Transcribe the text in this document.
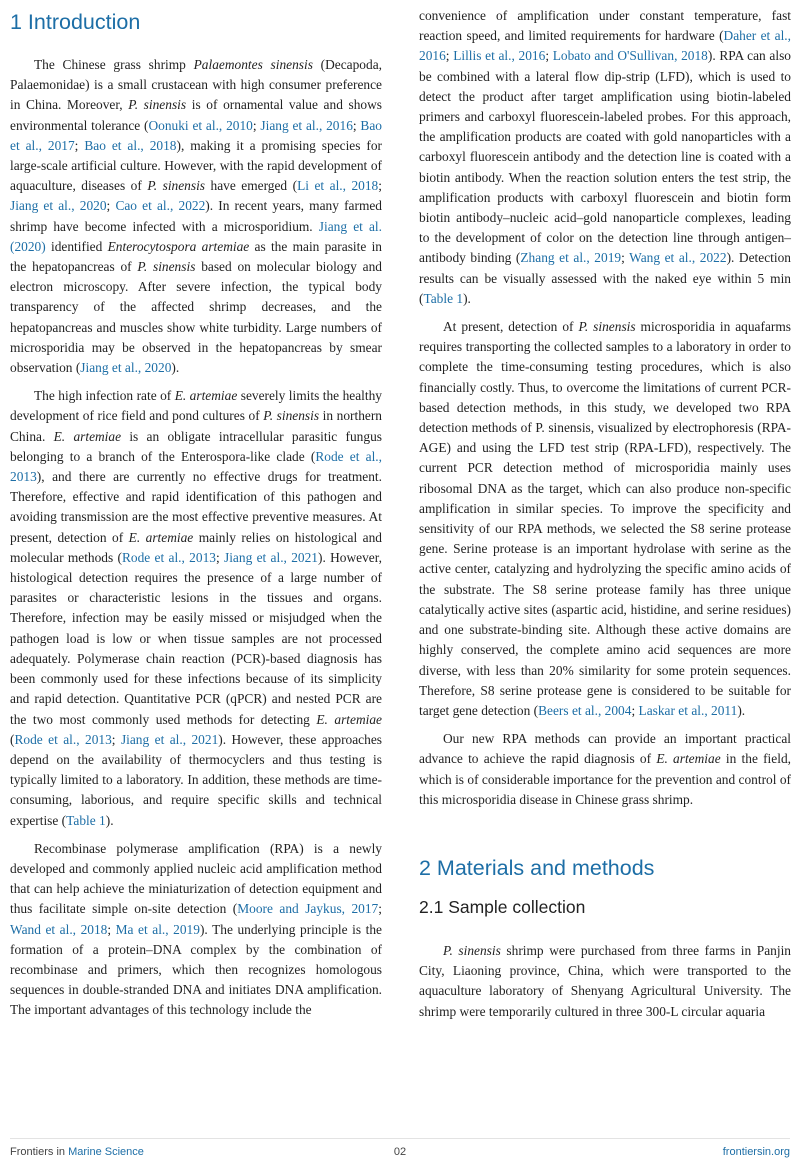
1 Introduction

The Chinese grass shrimp Palaemontes sinensis (Decapoda, Palaemonidae) is a small crustacean with high consumer preference in China. Moreover, P. sinensis is of ornamental value and shows environmental tolerance (Oonuki et al., 2010; Jiang et al., 2016; Bao et al., 2017; Bao et al., 2018), making it a promising species for large-scale artificial culture. However, with the rapid development of aquaculture, diseases of P. sinensis have emerged (Li et al., 2018; Jiang et al., 2020; Cao et al., 2022). In recent years, many farmed shrimp have become infected with a microsporidium. Jiang et al. (2020) identified Enterocytospora artemiae as the main parasite in the hepatopancreas of P. sinensis based on molecular biology and electron microscopy. After severe infection, the typical body transparency of the affected shrimp decreases, and the hepatopancreas and muscles show white turbidity. Large numbers of microsporidia may be observed in the hepatopancreas by smear observation (Jiang et al., 2020).

The high infection rate of E. artemiae severely limits the healthy development of rice field and pond cultures of P. sinensis in northern China. E. artemiae is an obligate intracellular parasitic fungus belonging to a branch of the Enterospora-like clade (Rode et al., 2013), and there are currently no effective drugs for treatment. Therefore, effective and rapid identification of this pathogen and avoiding transmission are the most effective preventive measures. At present, detection of E. artemiae mainly relies on histological and molecular methods (Rode et al., 2013; Jiang et al., 2021). However, histological detection requires the presence of a large number of parasites or characteristic lesions in the tissues and organs. Therefore, infection may be easily missed or misjudged when the pathogen load is low or when tissue samples are not processed adequately. Polymerase chain reaction (PCR)-based diagnosis has been commonly used for these infections because of its simplicity and rapid detection. Quantitative PCR (qPCR) and nested PCR are the two most commonly used methods for detecting E. artemiae (Rode et al., 2013; Jiang et al., 2021). However, these approaches depend on the availability of thermocyclers and thus testing is typically limited to a laboratory. In addition, these methods are time-consuming, laborious, and require specific skills and technical expertise (Table 1).

Recombinase polymerase amplification (RPA) is a newly developed and commonly applied nucleic acid amplification method that can help achieve the miniaturization of detection equipment and thus facilitate simple on-site detection (Moore and Jaykus, 2017; Wand et al., 2018; Ma et al., 2019). The underlying principle is the formation of a protein–DNA complex by the combination of recombinase and primers, which then recognizes homologous sequences in double-stranded DNA and initiates DNA amplification. The important advantages of this technology include the

convenience of amplification under constant temperature, fast reaction speed, and limited requirements for hardware (Daher et al., 2016; Lillis et al., 2016; Lobato and O'Sullivan, 2018). RPA can also be combined with a lateral flow dip-strip (LFD), which is used to detect the product after target amplification using biotin-labeled primers and carboxyl fluorescein-labeled probes. For this approach, the amplification products are coated with gold nanoparticles with a carboxyl fluorescein antibody and the detection line is coated with a biotin antibody. When the reaction solution enters the test strip, the amplification products with carboxyl fluorescein and biotin form biotin antibody–nucleic acid–gold nanoparticle complexes, leading to the development of color on the detection line through antigen–antibody binding (Zhang et al., 2019; Wang et al., 2022). Detection results can be visually assessed with the naked eye within 5 min (Table 1).

At present, detection of P. sinensis microsporidia in aquafarms requires transporting the collected samples to a laboratory in order to complete the time-consuming testing procedures, which is also financially costly. Thus, to overcome the limitations of current PCR-based detection methods, in this study, we developed two RPA detection methods of P. sinensis, visualized by electrophoresis (RPA-AGE) and using the LFD test strip (RPA-LFD), respectively. The current PCR detection method of microsporidia mainly uses ribosomal DNA as the target, which can also produce non-specific amplification in similar species. To improve the specificity and sensitivity of our RPA methods, we selected the S8 serine protease gene. Serine protease is an important hydrolase with serine as the active center, catalyzing and hydrolyzing the specific amino acids of the substrate. The S8 serine protease family has three unique catalytically active sites (aspartic acid, histidine, and serine residues) and one substrate-binding site. Although these active domains are highly conserved, the complete amino acid sequences are more diverse, with less than 20% similarity for some protein sequences. Therefore, S8 serine protease gene is considered to be suitable for target gene detection (Beers et al., 2004; Laskar et al., 2011).

Our new RPA methods can provide an important practical advance to achieve the rapid diagnosis of E. artemiae in the field, which is of considerable importance for the prevention and control of this microsporidia disease in Chinese grass shrimp.

2 Materials and methods
2.1 Sample collection

P. sinensis shrimp were purchased from three farms in Panjin City, Liaoning province, China, which were transported to the aquaculture laboratory of Shenyang Agricultural University. The shrimp were temporarily cultured in three 300-L circular aquaria

Frontiers in Marine Science	02	frontiersin.org
